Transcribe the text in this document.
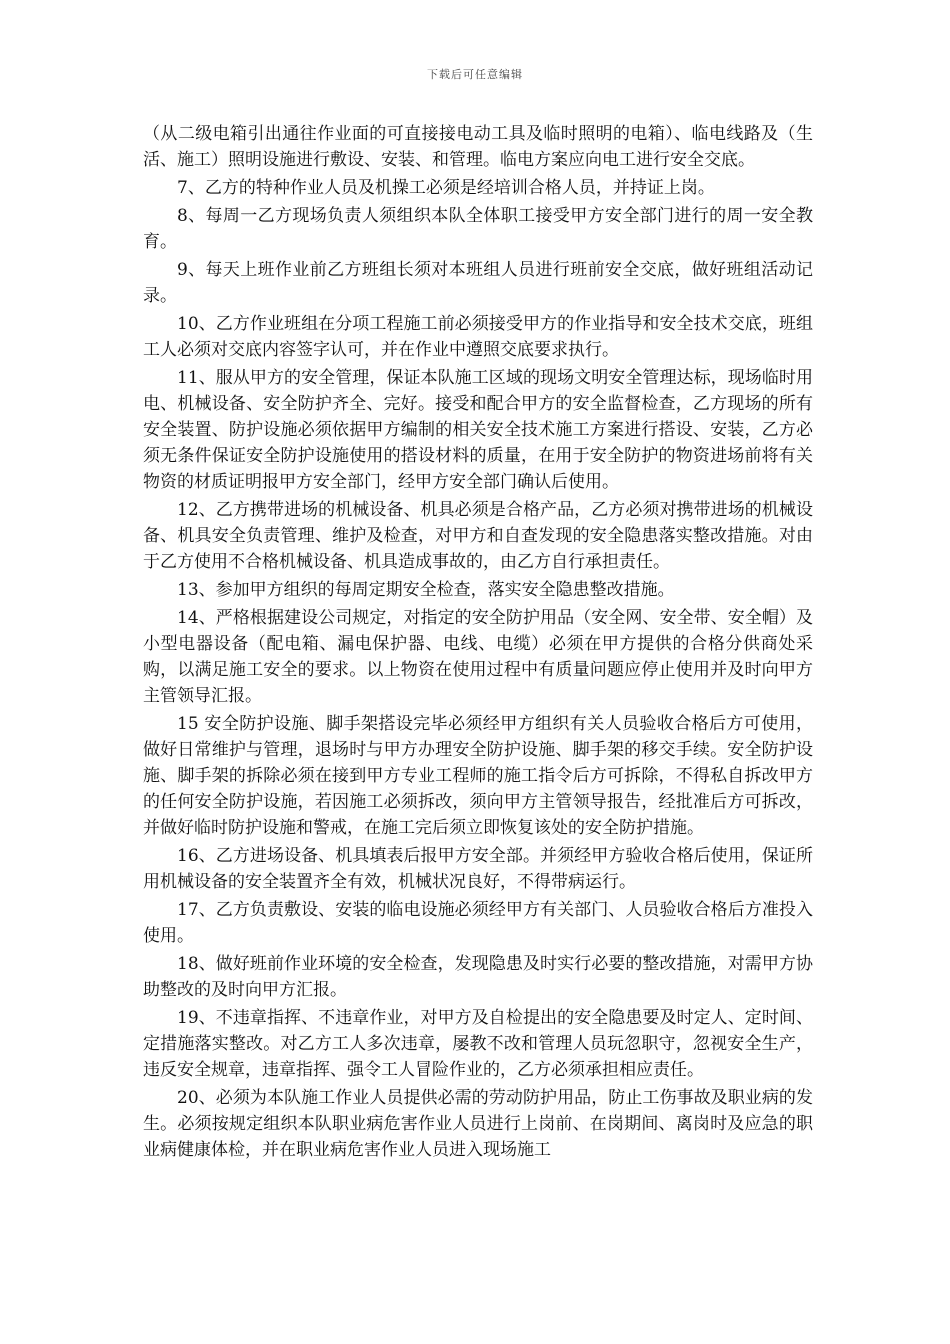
下载后可任意编辑

（从二级电箱引出通往作业面的可直接接电动工具及临时照明的电箱）、临电线路及（生活、施工）照明设施进行敷设、安装、和管理。临电方案应向电工进行安全交底。

7、乙方的特种作业人员及机操工必须是经培训合格人员，并持证上岗。

8、每周一乙方现场负责人须组织本队全体职工接受甲方安全部门进行的周一安全教育。

9、每天上班作业前乙方班组长须对本班组人员进行班前安全交底，做好班组活动记录。

10、乙方作业班组在分项工程施工前必须接受甲方的作业指导和安全技术交底，班组工人必须对交底内容签字认可，并在作业中遵照交底要求执行。

11、服从甲方的安全管理，保证本队施工区域的现场文明安全管理达标，现场临时用电、机械设备、安全防护齐全、完好。接受和配合甲方的安全监督检查，乙方现场的所有安全装置、防护设施必须依据甲方编制的相关安全技术施工方案进行搭设、安装，乙方必须无条件保证安全防护设施使用的搭设材料的质量，在用于安全防护的物资进场前将有关物资的材质证明报甲方安全部门，经甲方安全部门确认后使用。

12、乙方携带进场的机械设备、机具必须是合格产品，乙方必须对携带进场的机械设备、机具安全负责管理、维护及检查，对甲方和自查发现的安全隐患落实整改措施。对由于乙方使用不合格机械设备、机具造成事故的，由乙方自行承担责任。

13、参加甲方组织的每周定期安全检查，落实安全隐患整改措施。

14、严格根据建设公司规定，对指定的安全防护用品（安全网、安全带、安全帽）及小型电器设备（配电箱、漏电保护器、电线、电缆）必须在甲方提供的合格分供商处采购，以满足施工安全的要求。以上物资在使用过程中有质量问题应停止使用并及时向甲方主管领导汇报。

15 安全防护设施、脚手架搭设完毕必须经甲方组织有关人员验收合格后方可使用，做好日常维护与管理，退场时与甲方办理安全防护设施、脚手架的移交手续。安全防护设施、脚手架的拆除必须在接到甲方专业工程师的施工指令后方可拆除，不得私自拆改甲方的任何安全防护设施，若因施工必须拆改，须向甲方主管领导报告，经批准后方可拆改，并做好临时防护设施和警戒，在施工完后须立即恢复该处的安全防护措施。

16、乙方进场设备、机具填表后报甲方安全部。并须经甲方验收合格后使用，保证所用机械设备的安全装置齐全有效，机械状况良好，不得带病运行。

17、乙方负责敷设、安装的临电设施必须经甲方有关部门、人员验收合格后方准投入使用。

18、做好班前作业环境的安全检查，发现隐患及时实行必要的整改措施，对需甲方协助整改的及时向甲方汇报。

19、不违章指挥、不违章作业，对甲方及自检提出的安全隐患要及时定人、定时间、定措施落实整改。对乙方工人多次违章，屡教不改和管理人员玩忽职守，忽视安全生产，违反安全规章，违章指挥、强令工人冒险作业的，乙方必须承担相应责任。

20、必须为本队施工作业人员提供必需的劳动防护用品，防止工伤事故及职业病的发生。必须按规定组织本队职业病危害作业人员进行上岗前、在岗期间、离岗时及应急的职业病健康体检，并在职业病危害作业人员进入现场施工
